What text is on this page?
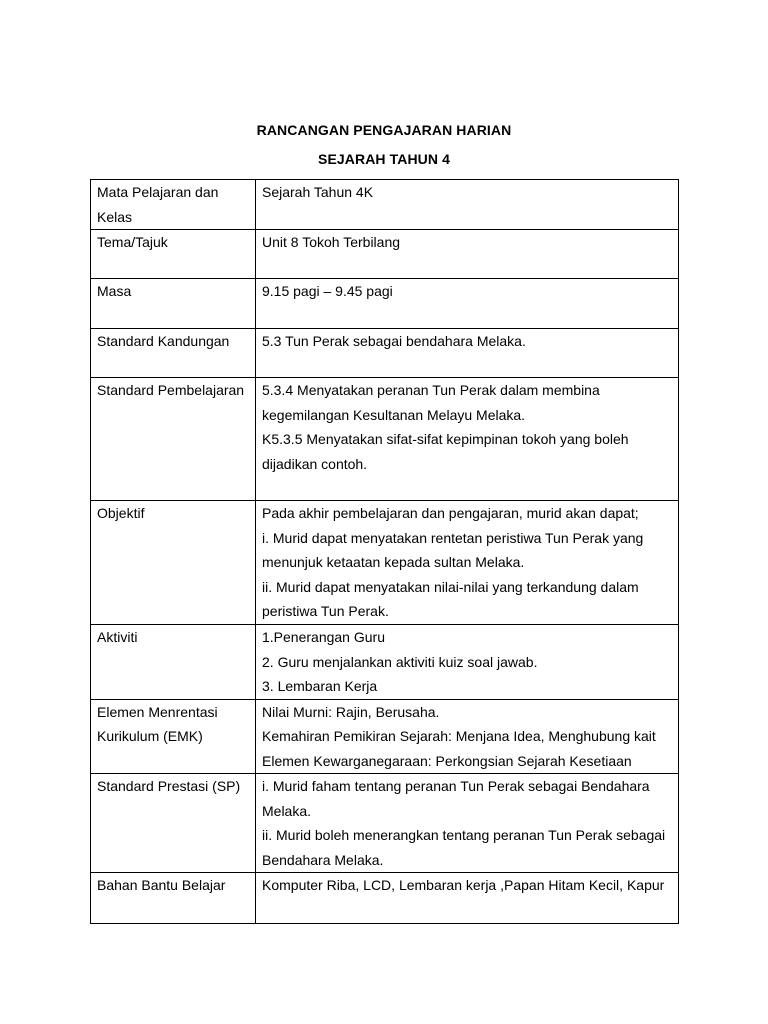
RANCANGAN PENGAJARAN HARIAN
SEJARAH TAHUN 4
Mata Pelajaran dan
Kelas	Sejarah Tahun 4K

Tema/Tajuk	Unit 8 Tokoh Terbilang

Masa	9.15 pagi – 9.45 pagi

Standard Kandungan	5.3 Tun Perak sebagai bendahara Melaka.

Standard Pembelajaran	5.3.4 Menyatakan peranan Tun Perak dalam membina
kegemilangan Kesultanan Melayu Melaka.
K5.3.5 Menyatakan sifat-sifat kepimpinan tokoh yang boleh
dijadikan contoh.

Objektif	Pada akhir pembelajaran dan pengajaran, murid akan dapat;
i. Murid dapat menyatakan rentetan peristiwa Tun Perak yang
menunjuk ketaatan kepada sultan Melaka.
ii. Murid dapat menyatakan nilai-nilai yang terkandung dalam
peristiwa Tun Perak.

Aktiviti	1.Penerangan Guru
2. Guru menjalankan aktiviti kuiz soal jawab.
3. Lembaran Kerja

Elemen Menrentasi
Kurikulum (EMK)	Nilai Murni: Rajin, Berusaha.
Kemahiran Pemikiran Sejarah: Menjana Idea, Menghubung kait
Elemen Kewarganegaraan: Perkongsian Sejarah Kesetiaan

Standard Prestasi (SP)	i. Murid faham tentang peranan Tun Perak sebagai Bendahara
Melaka.
ii. Murid boleh menerangkan tentang peranan Tun Perak sebagai
Bendahara Melaka.

Bahan Bantu Belajar	Komputer Riba, LCD, Lembaran kerja ,Papan Hitam Kecil, Kapur
